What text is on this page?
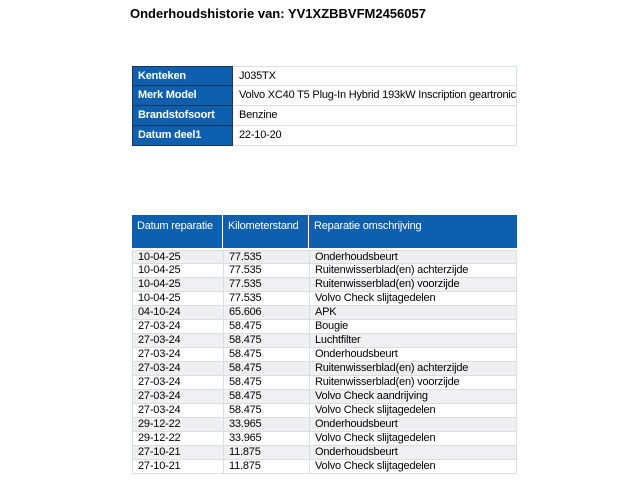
Onderhoudshistorie van: YV1XZBBVFM2456057
Kenteken	J035TX
Merk Model	Volvo XC40 T5 Plug-In Hybrid 193kW Inscription geartronic
Brandstofsoort	Benzine
Datum deel1	22-10-20
Datum reparatie	Kilometerstand	Reparatie omschrijving
10-04-25	77.535	Onderhoudsbeurt
10-04-25	77.535	Ruitenwisserblad(en) achterzijde
10-04-25	77.535	Ruitenwisserblad(en) voorzijde
10-04-25	77.535	Volvo Check slijtagedelen
04-10-24	65.606	APK
27-03-24	58.475	Bougie
27-03-24	58.475	Luchtfilter
27-03-24	58.475	Onderhoudsbeurt
27-03-24	58.475	Ruitenwisserblad(en) achterzijde
27-03-24	58.475	Ruitenwisserblad(en) voorzijde
27-03-24	58.475	Volvo Check aandrijving
27-03-24	58.475	Volvo Check slijtagedelen
29-12-22	33.965	Onderhoudsbeurt
29-12-22	33.965	Volvo Check slijtagedelen
27-10-21	11.875	Onderhoudsbeurt
27-10-21	11.875	Volvo Check slijtagedelen
